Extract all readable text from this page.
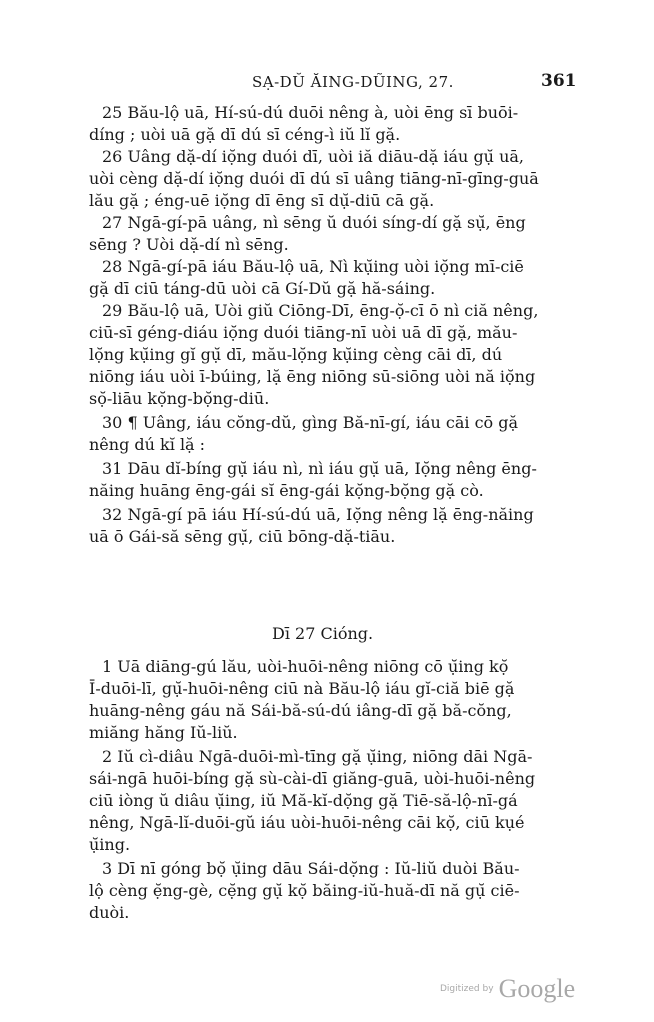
SẠ-DŬ ĂING-DŨING, 27.	361
25 Bău-lộ uā, Hí-sú-dú duōi nêng à, uòi ēng sī buōi-
díng ; uòi uā gặ dī dú sī céng-ì iŭ lĭ gặ.
26 Uâng dặ-dí iọ̆ng duói dī, uòi iă diāu-dặ iáu gụ̆ uā,
uòi cèng dặ-dí iọ̆ng duói dī dú sī uâng tiāng-nī-gīng-guā
lău gặ ; éng-uē iọ̆ng dī ēng sī dụ̆-diū cā gặ.
27 Ngā-gí-pā uâng, nì sēng ŭ duói síng-dí gặ sụ̆, ēng
sēng ? Uòi dặ-dí nì sēng.
28 Ngā-gí-pā iáu Bău-lộ uā, Nì kụ̆ing uòi iọ̆ng mī-ciē
gặ dī ciū táng-dū uòi cā Gí-Dŭ gặ hă-sáing.
29 Bău-lộ uā, Uòi giŭ Ciōng-Dī, ēng-ọ̆-cī ō nì ciă nêng,
ciū-sī géng-diáu iọ̆ng duói tiāng-nī uòi uā dī gặ, mău-
lọ̆ng kụ̆ing gĭ gụ̆ dī, mău-lọ̆ng kụ̆ing cèng cāi dī, dú
niōng iáu uòi ī-búing, lặ ēng niōng sū-siōng uòi nă iọ̆ng
sọ̆-liāu kọ̆ng-bọ̆ng-diū.
30 ¶ Uâng, iáu cŏng-dŭ, gìng Bă-nī-gí, iáu cāi cō gặ
nêng dú kĭ lặ :
31 Dāu dĭ-bíng gụ̆ iáu nì, nì iáu gụ̆ uā, Iọ̆ng nêng ēng-
năing huāng ēng-gái sĭ ēng-gái kọ̆ng-bọ̆ng gặ cò.
32 Ngā-gí pā iáu Hí-sú-dú uā, Iọ̆ng nêng lặ ēng-năing
uā ō Gái-să sēng gụ̆, ciū bōng-dặ-tiāu.
Dī 27 Cióng.
1 Uā diāng-gú lău, uòi-huōi-nêng niōng cō ụ̆ing kọ̆
Ī-duōi-lī, gụ̆-huōi-nêng ciū nà Bău-lộ iáu gĭ-ciă biē gặ
huāng-nêng gáu nă Sái-bă-sú-dú iâng-dī gặ bă-cŏng,
miăng hăng Iŭ-liŭ.
2 Iŭ cì-diâu Ngā-duōi-mì-tīng gặ ụ̆ing, niōng dāi Ngā-
sái-ngā huōi-bíng gặ sù-cài-dī giăng-guā, uòi-huōi-nêng
ciū iòng ŭ diâu ụ̆ing, iŭ Mă-kĭ-dọ̆ng gặ Tiē-să-lộ-nī-gá
nêng, Ngā-lĭ-duōi-gŭ iáu uòi-huōi-nêng cāi kọ̆, ciū kụé
ụ̆ing.
3 Dī nī góng bọ̆ ụ̆ing dāu Sái-dọ̆ng : Iŭ-liŭ duòi Bău-
lộ cèng ẹ̆ng-gè, cẹ̆ng gụ̆ kọ̆ băing-iŭ-huă-dī nă gụ̆ ciē-
duòi.
Digitized by Google
